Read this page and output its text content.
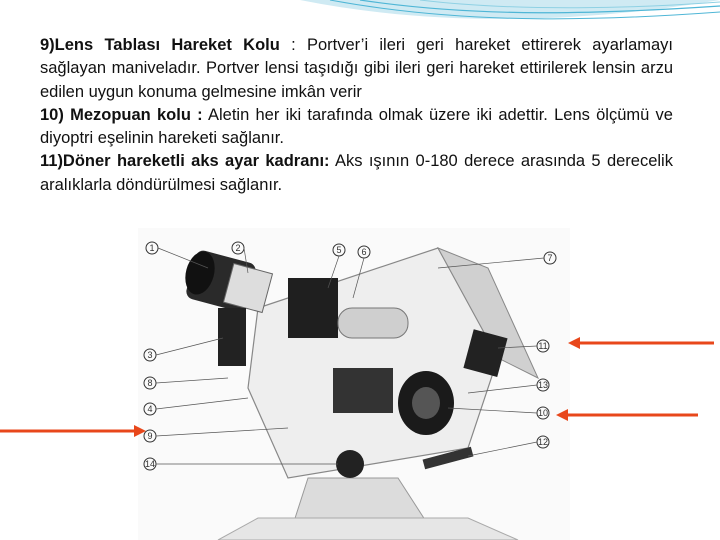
9)Lens Tablası Hareket Kolu : Portver’i ileri geri hareket ettirerek ayarlamayı sağlayan maniveladır. Portver lensi taşıdığı gibi ileri geri hareket ettirilerek lensin arzu edilen uygun konuma gelmesine imkân verir

10) Mezopuan kolu : Aletin her iki tarafında olmak üzere iki adettir. Lens ölçümü ve diyoptri eşelinin hareketi sağlanır.

11)Döner hareketli aks ayar kadranı: Aks ışının 0-180 derece arasında 5 derecelik aralıklarla döndürülmesi sağlanır.

1	2
3
8
4
9
14
5 6
7
11
13
10
12
